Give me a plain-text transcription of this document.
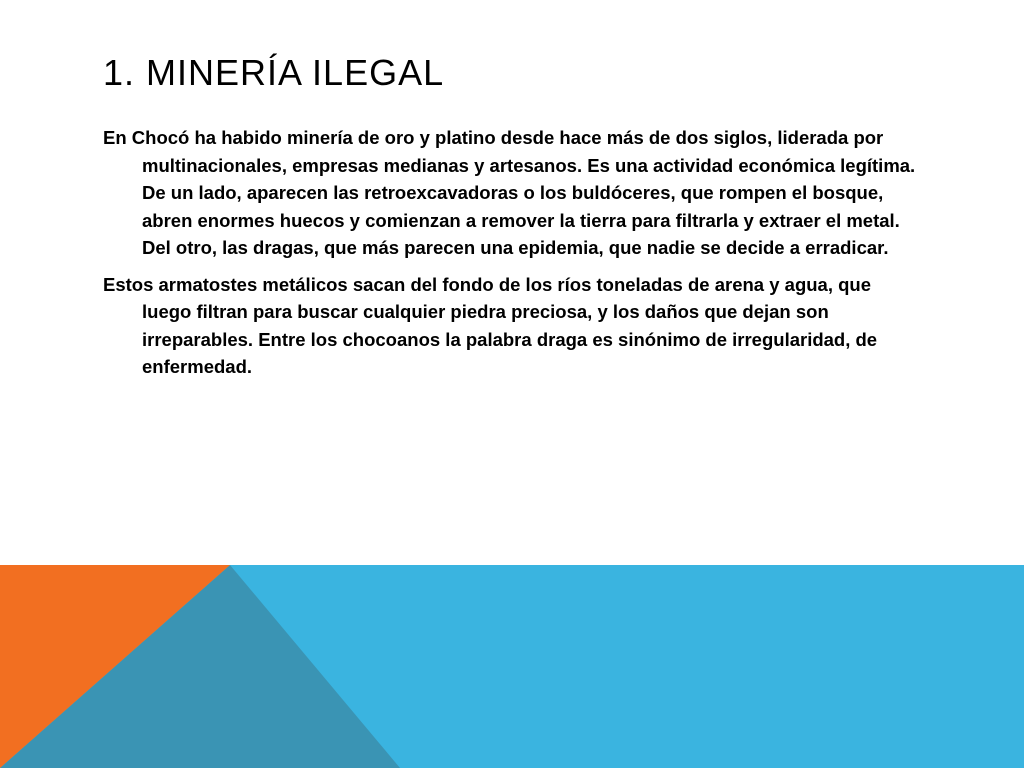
1. MINERÍA ILEGAL

En Chocó ha habido minería de oro y platino desde hace más de dos siglos, liderada por multinacionales, empresas medianas y artesanos. Es una actividad económica legítima. De un lado, aparecen las retroexcavadoras o los buldóceres, que rompen el bosque, abren enormes huecos y comienzan a remover la tierra para filtrarla y extraer el metal. Del otro, las dragas, que más parecen una epidemia, que nadie se decide a erradicar.

Estos armatostes metálicos sacan del fondo de los ríos toneladas de arena y agua, que luego filtran para buscar cualquier piedra preciosa, y los daños que dejan son irreparables. Entre los chocoanos la palabra draga es sinónimo de irregularidad, de enfermedad.
